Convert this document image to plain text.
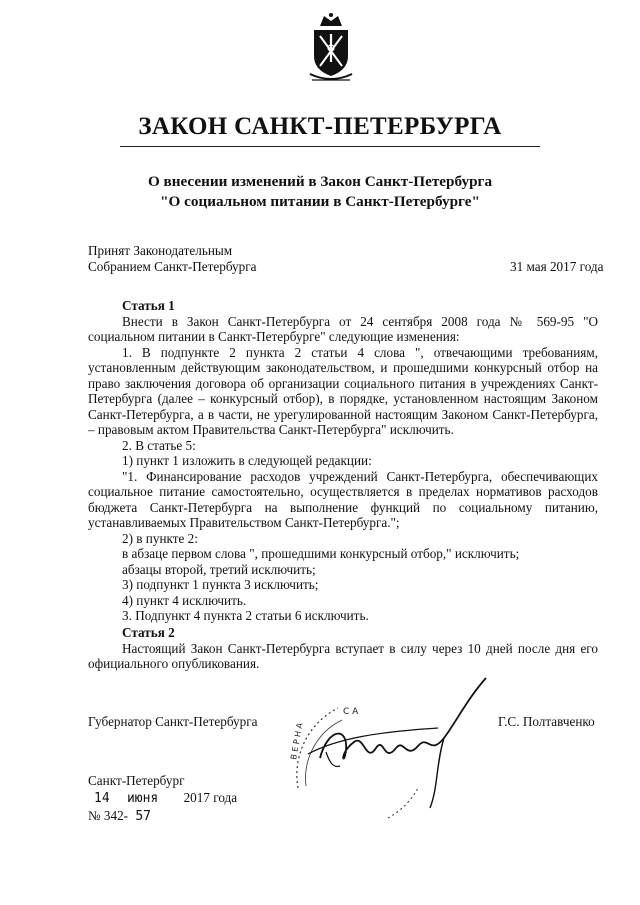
ЗАКОН САНКТ-ПЕТЕРБУРГА
О внесении изменений в Закон Санкт-Петербурга
"О социальном питании в Санкт-Петербурге"
Принят Законодательным
Собранием Санкт-Петербурга	31 мая 2017 года

Статья 1

Внести в Закон Санкт-Петербурга от 24 сентября 2008 года № 569-95 "О социальном питании в Санкт-Петербурге" следующие изменения:

1. В подпункте 2 пункта 2 статьи 4 слова ", отвечающими требованиям, установленным действующим законодательством, и прошедшими конкурсный отбор на право заключения договора об организации социального питания в учреждениях Санкт-Петербурга (далее – конкурсный отбор), в порядке, установленном настоящим Законом Санкт-Петербурга, а в части, не урегулированной настоящим Законом Санкт-Петербурга, – правовым актом Правительства Санкт-Петербурга" исключить.

2. В статье 5:

1) пункт 1 изложить в следующей редакции:

"1. Финансирование расходов учреждений Санкт-Петербурга, обеспечивающих социальное питание самостоятельно, осуществляется в пределах нормативов расходов бюджета Санкт-Петербурга на выполнение функций по социальному питанию, устанавливаемых Правительством Санкт-Петербурга.";

2) в пункте 2:

в абзаце первом слова ", прошедшими конкурсный отбор," исключить;

абзацы второй, третий исключить;

3) подпункт 1 пункта 3 исключить;

4) пункт 4 исключить.

3. Подпункт 4 пункта 2 статьи 6 исключить.

Статья 2

Настоящий Закон Санкт-Петербурга вступает в силу через 10 дней после дня его официального опубликования.

Губернатор Санкт-Петербурга	Г.С. Полтавченко
С А
В Е Р Н А
Санкт-Петербург
14 июня 2017 года
№ 342- 57
